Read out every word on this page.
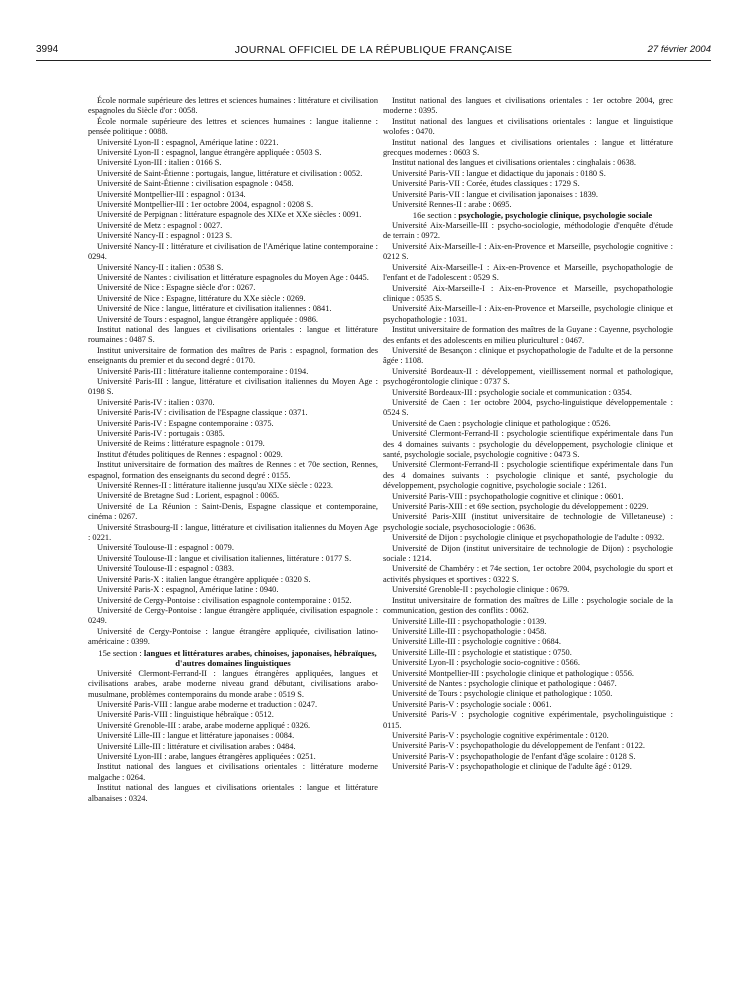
3994	JOURNAL OFFICIEL DE LA RÉPUBLIQUE FRANÇAISE	27 février 2004

École normale supérieure des lettres et sciences humaines : littérature et civilisation espagnoles du Siècle d'or : 0058.

École normale supérieure des lettres et sciences humaines : langue italienne : pensée politique : 0088.

Université Lyon-II : espagnol, Amérique latine : 0221.

Université Lyon-II : espagnol, langue étrangère appliquée : 0503 S.

Université Lyon-III : italien : 0166 S.

Université de Saint-Étienne : portugais, langue, littérature et civilisation : 0052.

Université de Saint-Étienne : civilisation espagnole : 0458.

Université Montpellier-III : espagnol : 0134.

Université Montpellier-III : 1er octobre 2004, espagnol : 0208 S.

Université de Perpignan : littérature espagnole des XIXe et XXe siècles : 0091.

Université de Metz : espagnol : 0027.

Université Nancy-II : espagnol : 0123 S.

Université Nancy-II : littérature et civilisation de l'Amérique latine contemporaine : 0294.

Université Nancy-II : italien : 0538 S.

Université de Nantes : civilisation et littérature espagnoles du Moyen Age : 0445.

Université de Nice : Espagne siècle d'or : 0267.

Université de Nice : Espagne, littérature du XXe siècle : 0269.

Université de Nice : langue, littérature et civilisation italiennes : 0841.

Université de Tours : espagnol, langue étrangère appliquée : 0986.

Institut national des langues et civilisations orientales : langue et littérature roumaines : 0487 S.

Institut universitaire de formation des maîtres de Paris : espagnol, formation des enseignants du premier et du second degré : 0170.

Université Paris-III : littérature italienne contemporaine : 0194.

Université Paris-III : langue, littérature et civilisation italiennes du Moyen Age : 0198 S.

Université Paris-IV : italien : 0370.

Université Paris-IV : civilisation de l'Espagne classique : 0371.

Université Paris-IV : Espagne contemporaine : 0375.

Université Paris-IV : portugais : 0385.

Université de Reims : littérature espagnole : 0179.

Institut d'études politiques de Rennes : espagnol : 0029.

Institut universitaire de formation des maîtres de Rennes : et 70e section, Rennes, espagnol, formation des enseignants du second degré : 0155.

Université Rennes-II : littérature italienne jusqu'au XIXe siècle : 0223.

Université de Bretagne Sud : Lorient, espagnol : 0065.

Université de La Réunion : Saint-Denis, Espagne classique et contemporaine, cinéma : 0267.

Université Strasbourg-II : langue, littérature et civilisation italiennes du Moyen Age : 0221.

Université Toulouse-II : espagnol : 0079.

Université Toulouse-II : langue et civilisation italiennes, littérature : 0177 S.

Université Toulouse-II : espagnol : 0383.

Université Paris-X : italien langue étrangère appliquée : 0320 S.

Université Paris-X : espagnol, Amérique latine : 0940.

Université de Cergy-Pontoise : civilisation espagnole contemporaine : 0152.

Université de Cergy-Pontoise : langue étrangère appliquée, civilisation espagnole : 0249.

Université de Cergy-Pontoise : langue étrangère appliquée, civilisation latino-américaine : 0399.

15e section : langues et littératures arabes, chinoises, japonaises, hébraïques, d'autres domaines linguistiques

Université Clermont-Ferrand-II : langues étrangères appliquées, langues et civilisations arabes, arabe moderne niveau grand débutant, civilisations arabo-musulmane, problèmes contemporains du monde arabe : 0519 S.

Université Paris-VIII : langue arabe moderne et traduction : 0247.

Université Paris-VIII : linguistique hébraïque : 0512.

Université Grenoble-III : arabe, arabe moderne appliqué : 0326.

Université Lille-III : langue et littérature japonaises : 0084.

Université Lille-III : littérature et civilisation arabes : 0484.

Université Lyon-III : arabe, langues étrangères appliquées : 0251.

Institut national des langues et civilisations orientales : littérature moderne malgache : 0264.

Institut national des langues et civilisations orientales : langue et littérature albanaises : 0324.

Institut national des langues et civilisations orientales : 1er octobre 2004, grec moderne : 0395.

Institut national des langues et civilisations orientales : langue et linguistique wolofes : 0470.

Institut national des langues et civilisations orientales : langue et littérature grecques modernes : 0603 S.

Institut national des langues et civilisations orientales : cinghalais : 0638.

Université Paris-VII : langue et didactique du japonais : 0180 S.

Université Paris-VII : Corée, études classiques : 1729 S.

Université Paris-VII : langue et civilisation japonaises : 1839.

Université Rennes-II : arabe : 0695.

16e section : psychologie, psychologie clinique, psychologie sociale

Université Aix-Marseille-III : psycho-sociologie, méthodologie d'enquête d'étude de terrain : 0972.

Université Aix-Marseille-I : Aix-en-Provence et Marseille, psychologie cognitive : 0212 S.

Université Aix-Marseille-I : Aix-en-Provence et Marseille, psychopathologie de l'enfant et de l'adolescent : 0529 S.

Université Aix-Marseille-I : Aix-en-Provence et Marseille, psychopathologie clinique : 0535 S.

Université Aix-Marseille-I : Aix-en-Provence et Marseille, psychologie clinique et psychopathologie : 1031.

Institut universitaire de formation des maîtres de la Guyane : Cayenne, psychologie des enfants et des adolescents en milieu pluriculturel : 0467.

Université de Besançon : clinique et psychopathologie de l'adulte et de la personne âgée : 1108.

Université Bordeaux-II : développement, vieillissement normal et pathologique, psychogérontologie clinique : 0737 S.

Université Bordeaux-III : psychologie sociale et communication : 0354.

Université de Caen : 1er octobre 2004, psycho-linguistique développementale : 0524 S.

Université de Caen : psychologie clinique et pathologique : 0526.

Université Clermont-Ferrand-II : psychologie scientifique expérimentale dans l'un des 4 domaines suivants : psychologie du développement, psychologie clinique et santé, psychologie sociale, psychologie cognitive : 0473 S.

Université Clermont-Ferrand-II : psychologie scientifique expérimentale dans l'un des 4 domaines suivants : psychologie clinique et santé, psychologie du développement, psychologie cognitive, psychologie sociale : 1261.

Université Paris-VIII : psychopathologie cognitive et clinique : 0601.

Université Paris-XIII : et 69e section, psychologie du développement : 0229.

Université Paris-XIII (institut universitaire de technologie de Villetaneuse) : psychologie sociale, psychosociologie : 0636.

Université de Dijon : psychologie clinique et psychopathologie de l'adulte : 0932.

Université de Dijon (institut universitaire de technologie de Dijon) : psychologie sociale : 1214.

Université de Chambéry : et 74e section, 1er octobre 2004, psychologie du sport et activités physiques et sportives : 0322 S.

Université Grenoble-II : psychologie clinique : 0679.

Institut universitaire de formation des maîtres de Lille : psychologie sociale de la communication, gestion des conflits : 0062.

Université Lille-III : psychopathologie : 0139.

Université Lille-III : psychopathologie : 0458.

Université Lille-III : psychologie cognitive : 0684.

Université Lille-III : psychologie et statistique : 0750.

Université Lyon-II : psychologie socio-cognitive : 0566.

Université Montpellier-III : psychologie clinique et pathologique : 0556.

Université de Nantes : psychologie clinique et pathologique : 0467.

Université de Tours : psychologie clinique et pathologique : 1050.

Université Paris-V : psychologie sociale : 0061.

Université Paris-V : psychologie cognitive expérimentale, psycholinguistique : 0115.

Université Paris-V : psychologie cognitive expérimentale : 0120.

Université Paris-V : psychopathologie du développement de l'enfant : 0122.

Université Paris-V : psychopathologie de l'enfant d'âge scolaire : 0128 S.

Université Paris-V : psychopathologie et clinique de l'adulte âgé : 0129.
